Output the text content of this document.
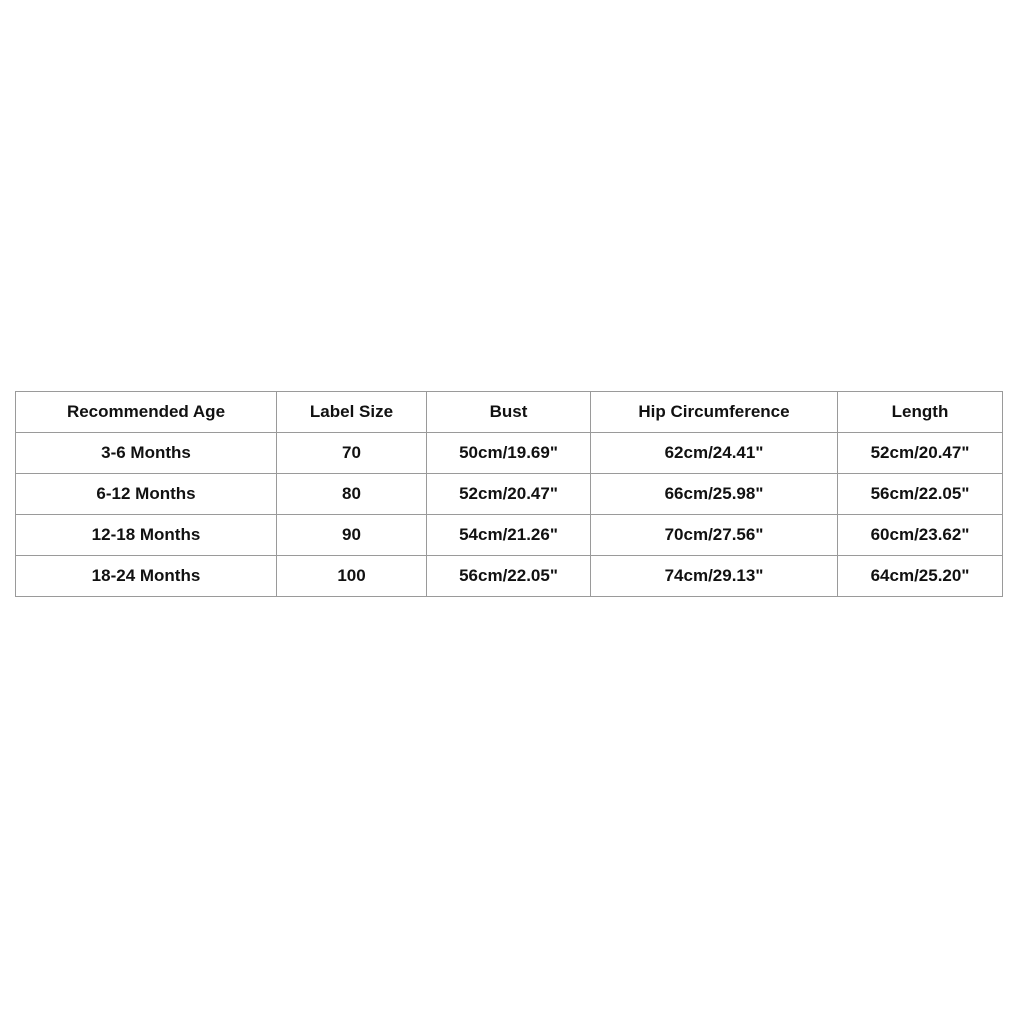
Recommended Age	Label Size	Bust	Hip Circumference	Length
3-6 Months	70	50cm/19.69"	62cm/24.41"	52cm/20.47"
6-12 Months	80	52cm/20.47"	66cm/25.98"	56cm/22.05"
12-18 Months	90	54cm/21.26"	70cm/27.56"	60cm/23.62"
18-24 Months	100	56cm/22.05"	74cm/29.13"	64cm/25.20"
